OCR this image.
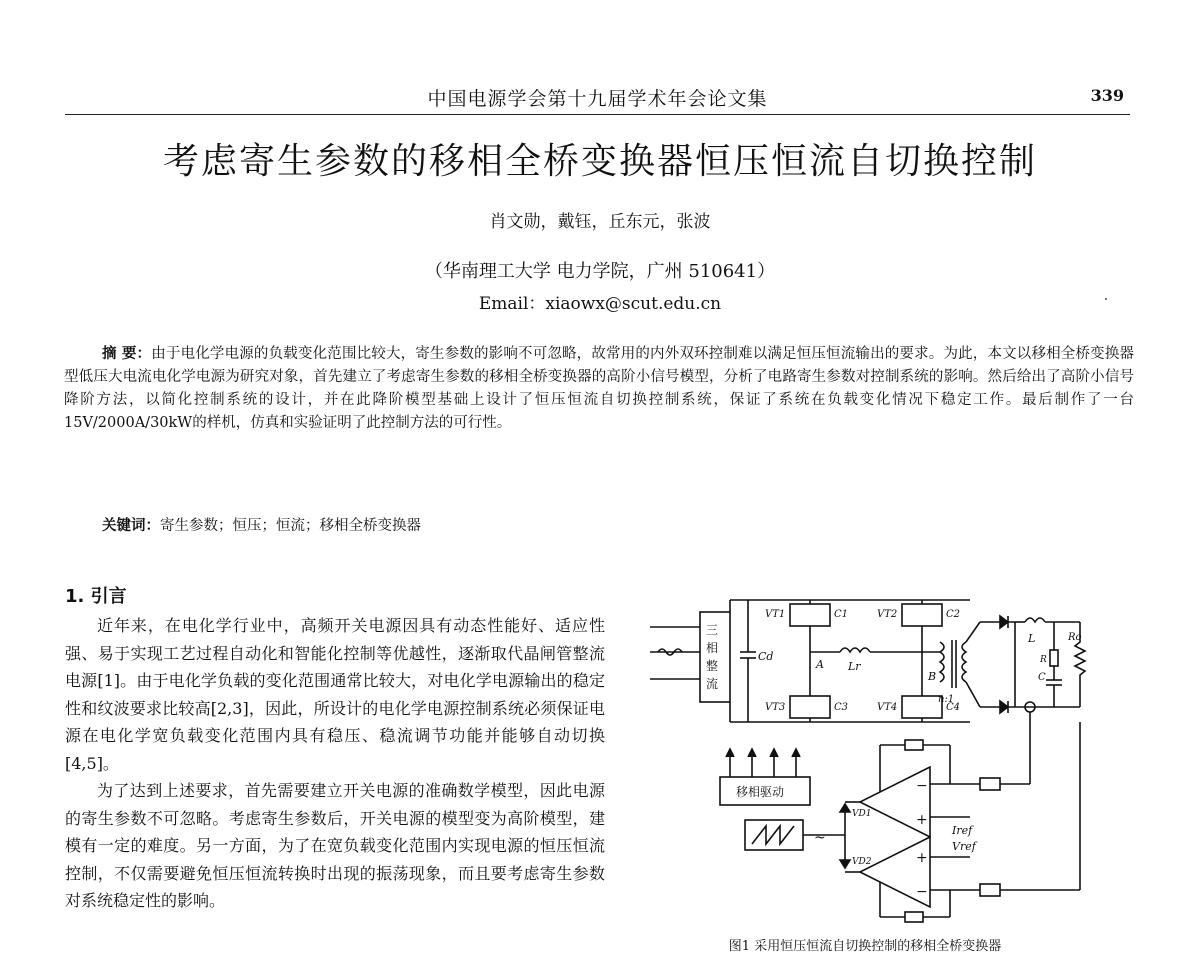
中国电源学会第十九届学术年会论文集	339
考虑寄生参数的移相全桥变换器恒压恒流自切换控制
肖文勋，戴钰，丘东元，张波
（华南理工大学 电力学院，广州 510641）
Email：xiaowx@scut.edu.cn
摘 要：由于电化学电源的负载变化范围比较大，寄生参数的影响不可忽略，故常用的内外双环控制难以满足恒压恒流输出的要求。为此，本文以移相全桥变换器型低压大电流电化学电源为研究对象，首先建立了考虑寄生参数的移相全桥变换器的高阶小信号模型，分析了电路寄生参数对控制系统的影响。然后给出了高阶小信号降阶方法，以简化控制系统的设计，并在此降阶模型基础上设计了恒压恒流自切换控制系统，保证了系统在负载变化情况下稳定工作。最后制作了一台15V/2000A/30kW的样机，仿真和实验证明了此控制方法的可行性。
关键词：寄生参数；恒压；恒流；移相全桥变换器
1. 引言

近年来，在电化学行业中，高频开关电源因具有动态性能好、适应性强、易于实现工艺过程自动化和智能化控制等优越性，逐渐取代晶闸管整流电源[1]。由于电化学负载的变化范围通常比较大，对电化学电源输出的稳定性和纹波要求比较高[2,3]，因此，所设计的电化学电源控制系统必须保证电源在电化学宽负载变化范围内具有稳压、稳流调节功能并能够自动切换[4,5]。

为了达到上述要求，首先需要建立开关电源的准确数学模型，因此电源的寄生参数不可忽略。考虑寄生参数后，开关电源的模型变为高阶模型，建模有一定的难度。另一方面，为了在宽负载变化范围内实现电源的恒压恒流控制，不仅需要避免恒压恒流转换时出现的振荡现象，而且要考虑寄生参数对系统稳定性的影响。

三
相
整
流
Cd
VT1	C1
VT3	C3
A
VT2	C2
VT4	C4
B
Lr
n:1
L
R
C
Ro
移相驱动
~
VD1
VD2
−
+
Iref
+
−
Vref
图1 采用恒压恒流自切换控制的移相全桥变换器
